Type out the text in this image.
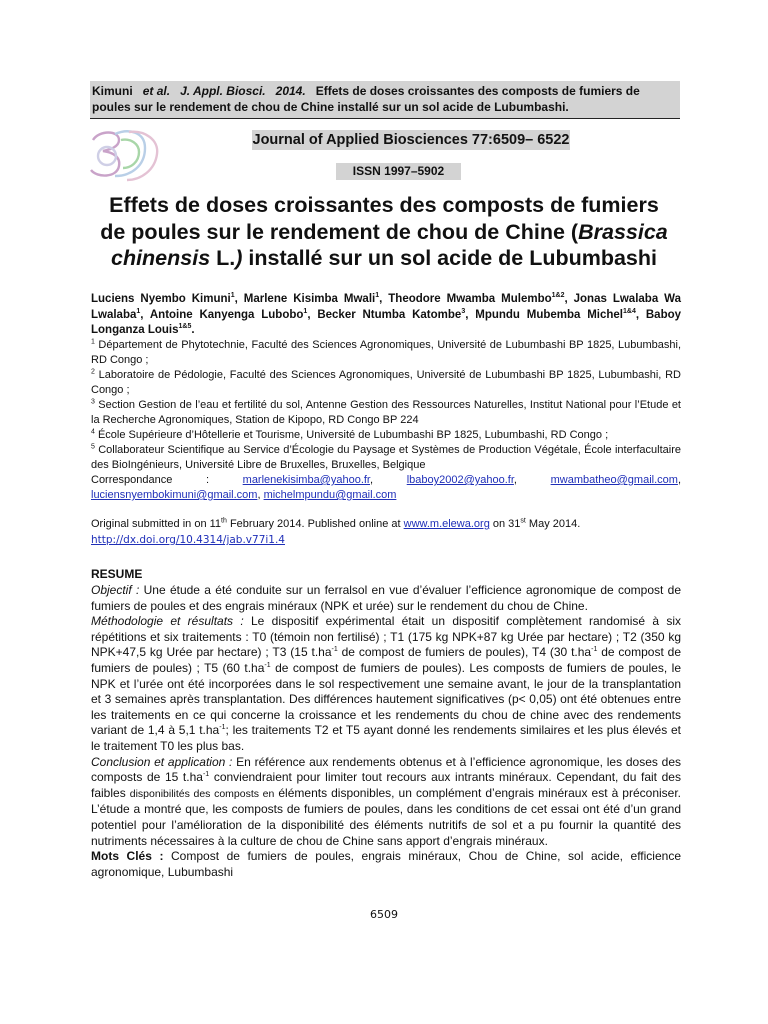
Kimuni et al. J. Appl. Biosci. 2014. Effets de doses croissantes des composts de fumiers de poules sur le rendement de chou de Chine installé sur un sol acide de Lubumbashi.
Journal of Applied Biosciences 77:6509– 6522
ISSN 1997–5902
Effets de doses croissantes des composts de fumiers de poules sur le rendement de chou de Chine (Brassica chinensis L.) installé sur un sol acide de Lubumbashi
Luciens Nyembo Kimuni$^1$, Marlene Kisimba Mwali$^1$, Theodore Mwamba Mulembo$^{1\&2}$, Jonas Lwalaba Wa Lwalaba$^1$, Antoine Kanyenga Lubobo$^1$, Becker Ntumba Katombe$^3$, Mpundu Mubemba Michel$^{1\&4}$, Baboy Longanza Louis$^{1\&5}$.
$^1$ Département de Phytotechnie, Faculté des Sciences Agronomiques, Université de Lubumbashi BP 1825, Lubumbashi, RD Congo ;
$^2$ Laboratoire de Pédologie, Faculté des Sciences Agronomiques, Université de Lubumbashi BP 1825, Lubumbashi, RD Congo ;
$^3$ Section Gestion de l’eau et fertilité du sol, Antenne Gestion des Ressources Naturelles, Institut National pour l’Etude et la Recherche Agronomiques, Station de Kipopo, RD Congo BP 224
$^4$ École Supérieure d’Hôtellerie et Tourisme, Université de Lubumbashi BP 1825, Lubumbashi, RD Congo ;
$^5$ Collaborateur Scientifique au Service d’Écologie du Paysage et Systèmes de Production Végétale, École interfacultaire des BioIngénieurs, Université Libre de Bruxelles, Bruxelles, Belgique
Correspondance : marlenekisimba@yahoo.fr, lbaboy2002@yahoo.fr, mwambatheo@gmail.com, luciensnyembokimuni@gmail.com, michelmpundu@gmail.com
Original submitted in on 11th February 2014. Published online at www.m.elewa.org on 31st May 2014.
http://dx.doi.org/10.4314/jab.v77i1.4
RESUME
Objectif : Une étude a été conduite sur un ferralsol en vue d’évaluer l’efficience agronomique de compost de fumiers de poules et des engrais minéraux (NPK et urée) sur le rendement du chou de Chine.
Méthodologie et résultats : Le dispositif expérimental était un dispositif complètement randomisé à six répétitions et six traitements : T0 (témoin non fertilisé) ; T1 (175 kg NPK+87 kg Urée par hectare) ; T2 (350 kg NPK+47,5 kg Urée par hectare) ; T3 (15 $t.ha^{-1}$ de compost de fumiers de poules), T4 (30 $t.ha^{-1}$ de compost de fumiers de poules) ; T5 (60 $t.ha^{-1}$ de compost de fumiers de poules). Les composts de fumiers de poules, le NPK et l’urée ont été incorporées dans le sol respectivement une semaine avant, le jour de la transplantation et 3 semaines après transplantation. Des différences hautement significatives (p< 0,05) ont été obtenues entre les traitements en ce qui concerne la croissance et les rendements du chou de chine avec des rendements variant de 1,4 à 5,1 $t.ha^{-1}$; les traitements T2 et T5 ayant donné les rendements similaires et les plus élevés et le traitement T0 les plus bas.
Conclusion et application : En référence aux rendements obtenus et à l’efficience agronomique, les doses des composts de 15 $t.ha^{-1}$ conviendraient pour limiter tout recours aux intrants minéraux. Cependant, du fait des faibles disponibilités des composts en éléments disponibles, un complément d’engrais minéraux est à préconiser. L’étude a montré que, les composts de fumiers de poules, dans les conditions de cet essai ont été d’un grand potentiel pour l’amélioration de la disponibilité des éléments nutritifs de sol et a pu fournir la quantité des nutriments nécessaires à la culture de chou de Chine sans apport d’engrais minéraux.
Mots Clés : Compost de fumiers de poules, engrais minéraux, Chou de Chine, sol acide, efficience agronomique, Lubumbashi
6509
